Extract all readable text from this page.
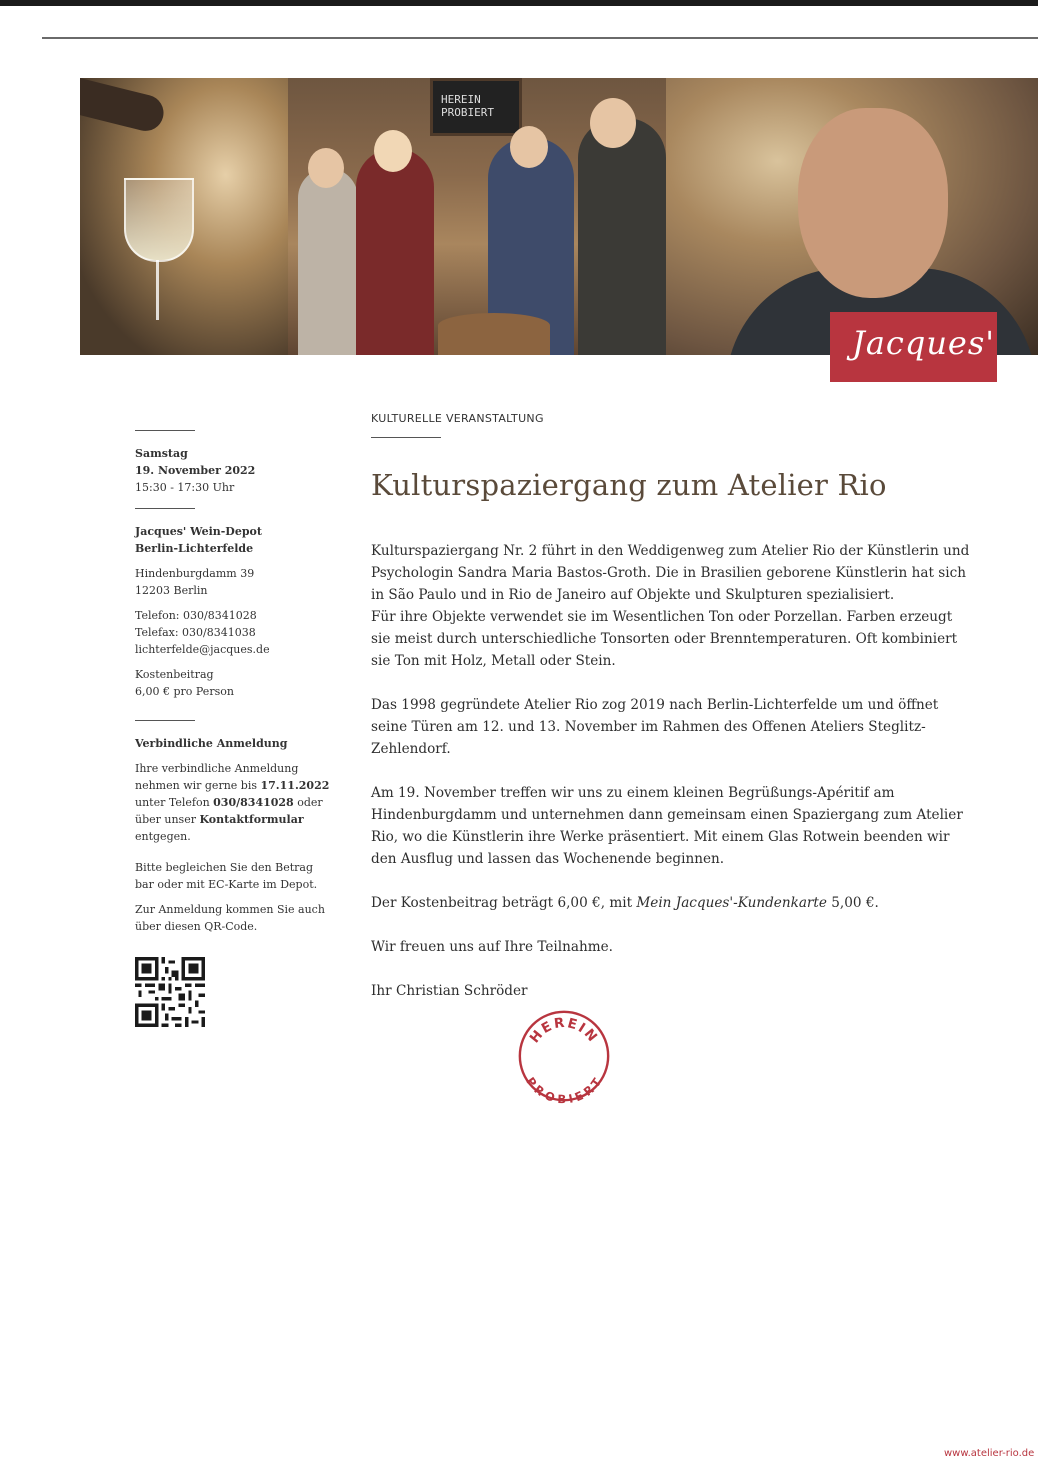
HEREIN PROBIERT
Jacques'
Samstag
19. November 2022
15:30 - 17:30 Uhr

Jacques' Wein-Depot
Berlin-Lichterfelde

Hindenburgdamm 39
12203 Berlin

Telefon: 030/8341028
Telefax: 030/8341038
lichterfelde@jacques.de

Kostenbeitrag
6,00 € pro Person

Verbindliche Anmeldung

Ihre verbindliche Anmeldung nehmen wir gerne bis 17.11.2022 unter Telefon 030/8341028 oder über unser Kontaktformular entgegen.

Bitte begleichen Sie den Betrag bar oder mit EC-Karte im Depot.

Zur Anmeldung kommen Sie auch über diesen QR-Code.

KULTURELLE VERANSTALTUNG
Kulturspaziergang zum Atelier Rio

Kulturspaziergang Nr. 2 führt in den Weddigenweg zum Atelier Rio der Künstlerin und Psychologin Sandra Maria Bastos-Groth. Die in Brasilien geborene Künstlerin hat sich in São Paulo und in Rio de Janeiro auf Objekte und Skulpturen spezialisiert.

Für ihre Objekte verwendet sie im Wesentlichen Ton oder Porzellan. Farben erzeugt sie meist durch unterschiedliche Tonsorten oder Brenntemperaturen. Oft kombiniert sie Ton mit Holz, Metall oder Stein.

Das 1998 gegründete Atelier Rio zog 2019 nach Berlin-Lichterfelde um und öffnet seine Türen am 12. und 13. November im Rahmen des Offenen Ateliers Steglitz-Zehlendorf.

Am 19. November treffen wir uns zu einem kleinen Begrüßungs-Apéritif am Hindenburgdamm und unternehmen dann gemeinsam einen Spaziergang zum Atelier Rio, wo die Künstlerin ihre Werke präsentiert. Mit einem Glas Rotwein beenden wir den Ausflug und lassen das Wochenende beginnen.

Der Kostenbeitrag beträgt 6,00 €, mit Mein Jacques'-Kundenkarte 5,00 €.

Wir freuen uns auf Ihre Teilnahme.

Ihr Christian Schröder

HEREIN
PROBIERT
www.atelier-rio.de
